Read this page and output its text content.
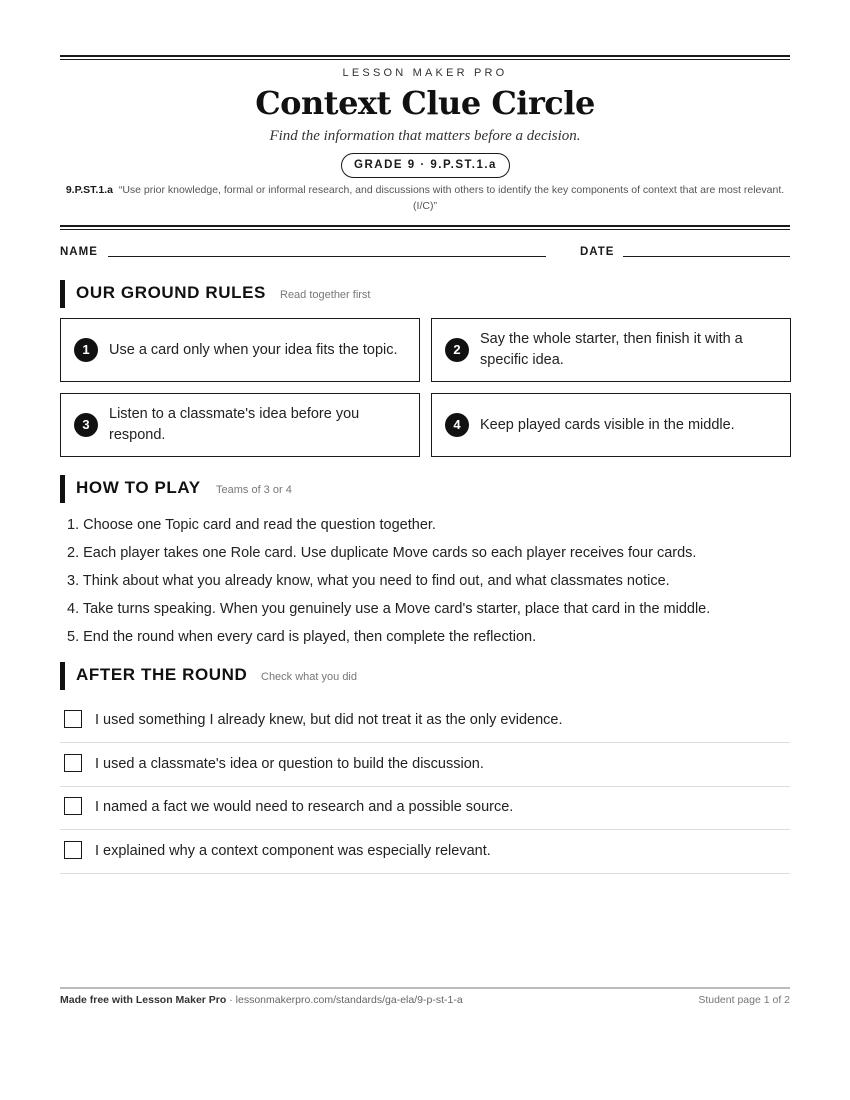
LESSON MAKER PRO
Context Clue Circle
Find the information that matters before a decision.
GRADE 9 · 9.P.ST.1.a
9.P.ST.1.a “Use prior knowledge, formal or informal research, and discussions with others to identify the key components of context that are most relevant. (I/C)”
NAME	DATE
OUR GROUND RULES Read together first
1	Use a card only when your idea fits the topic.	2
Say the whole starter, then finish it with a specific idea.
3
Listen to a classmate's idea before you respond.
4	Keep played cards visible in the middle.
HOW TO PLAY Teams of 3 or 4
1. Choose one Topic card and read the question together.
2. Each player takes one Role card. Use duplicate Move cards so each player receives four cards.
3. Think about what you already know, what you need to find out, and what classmates notice.
4. Take turns speaking. When you genuinely use a Move card's starter, place that card in the middle.
5. End the round when every card is played, then complete the reflection.
AFTER THE ROUND Check what you did
I used something I already knew, but did not treat it as the only evidence.
I used a classmate's idea or question to build the discussion.
I named a fact we would need to research and a possible source.
I explained why a context component was especially relevant.
Made free with Lesson Maker Pro · lessonmakerpro.com/standards/ga-ela/9-p-st-1-a	Student page 1 of 2
